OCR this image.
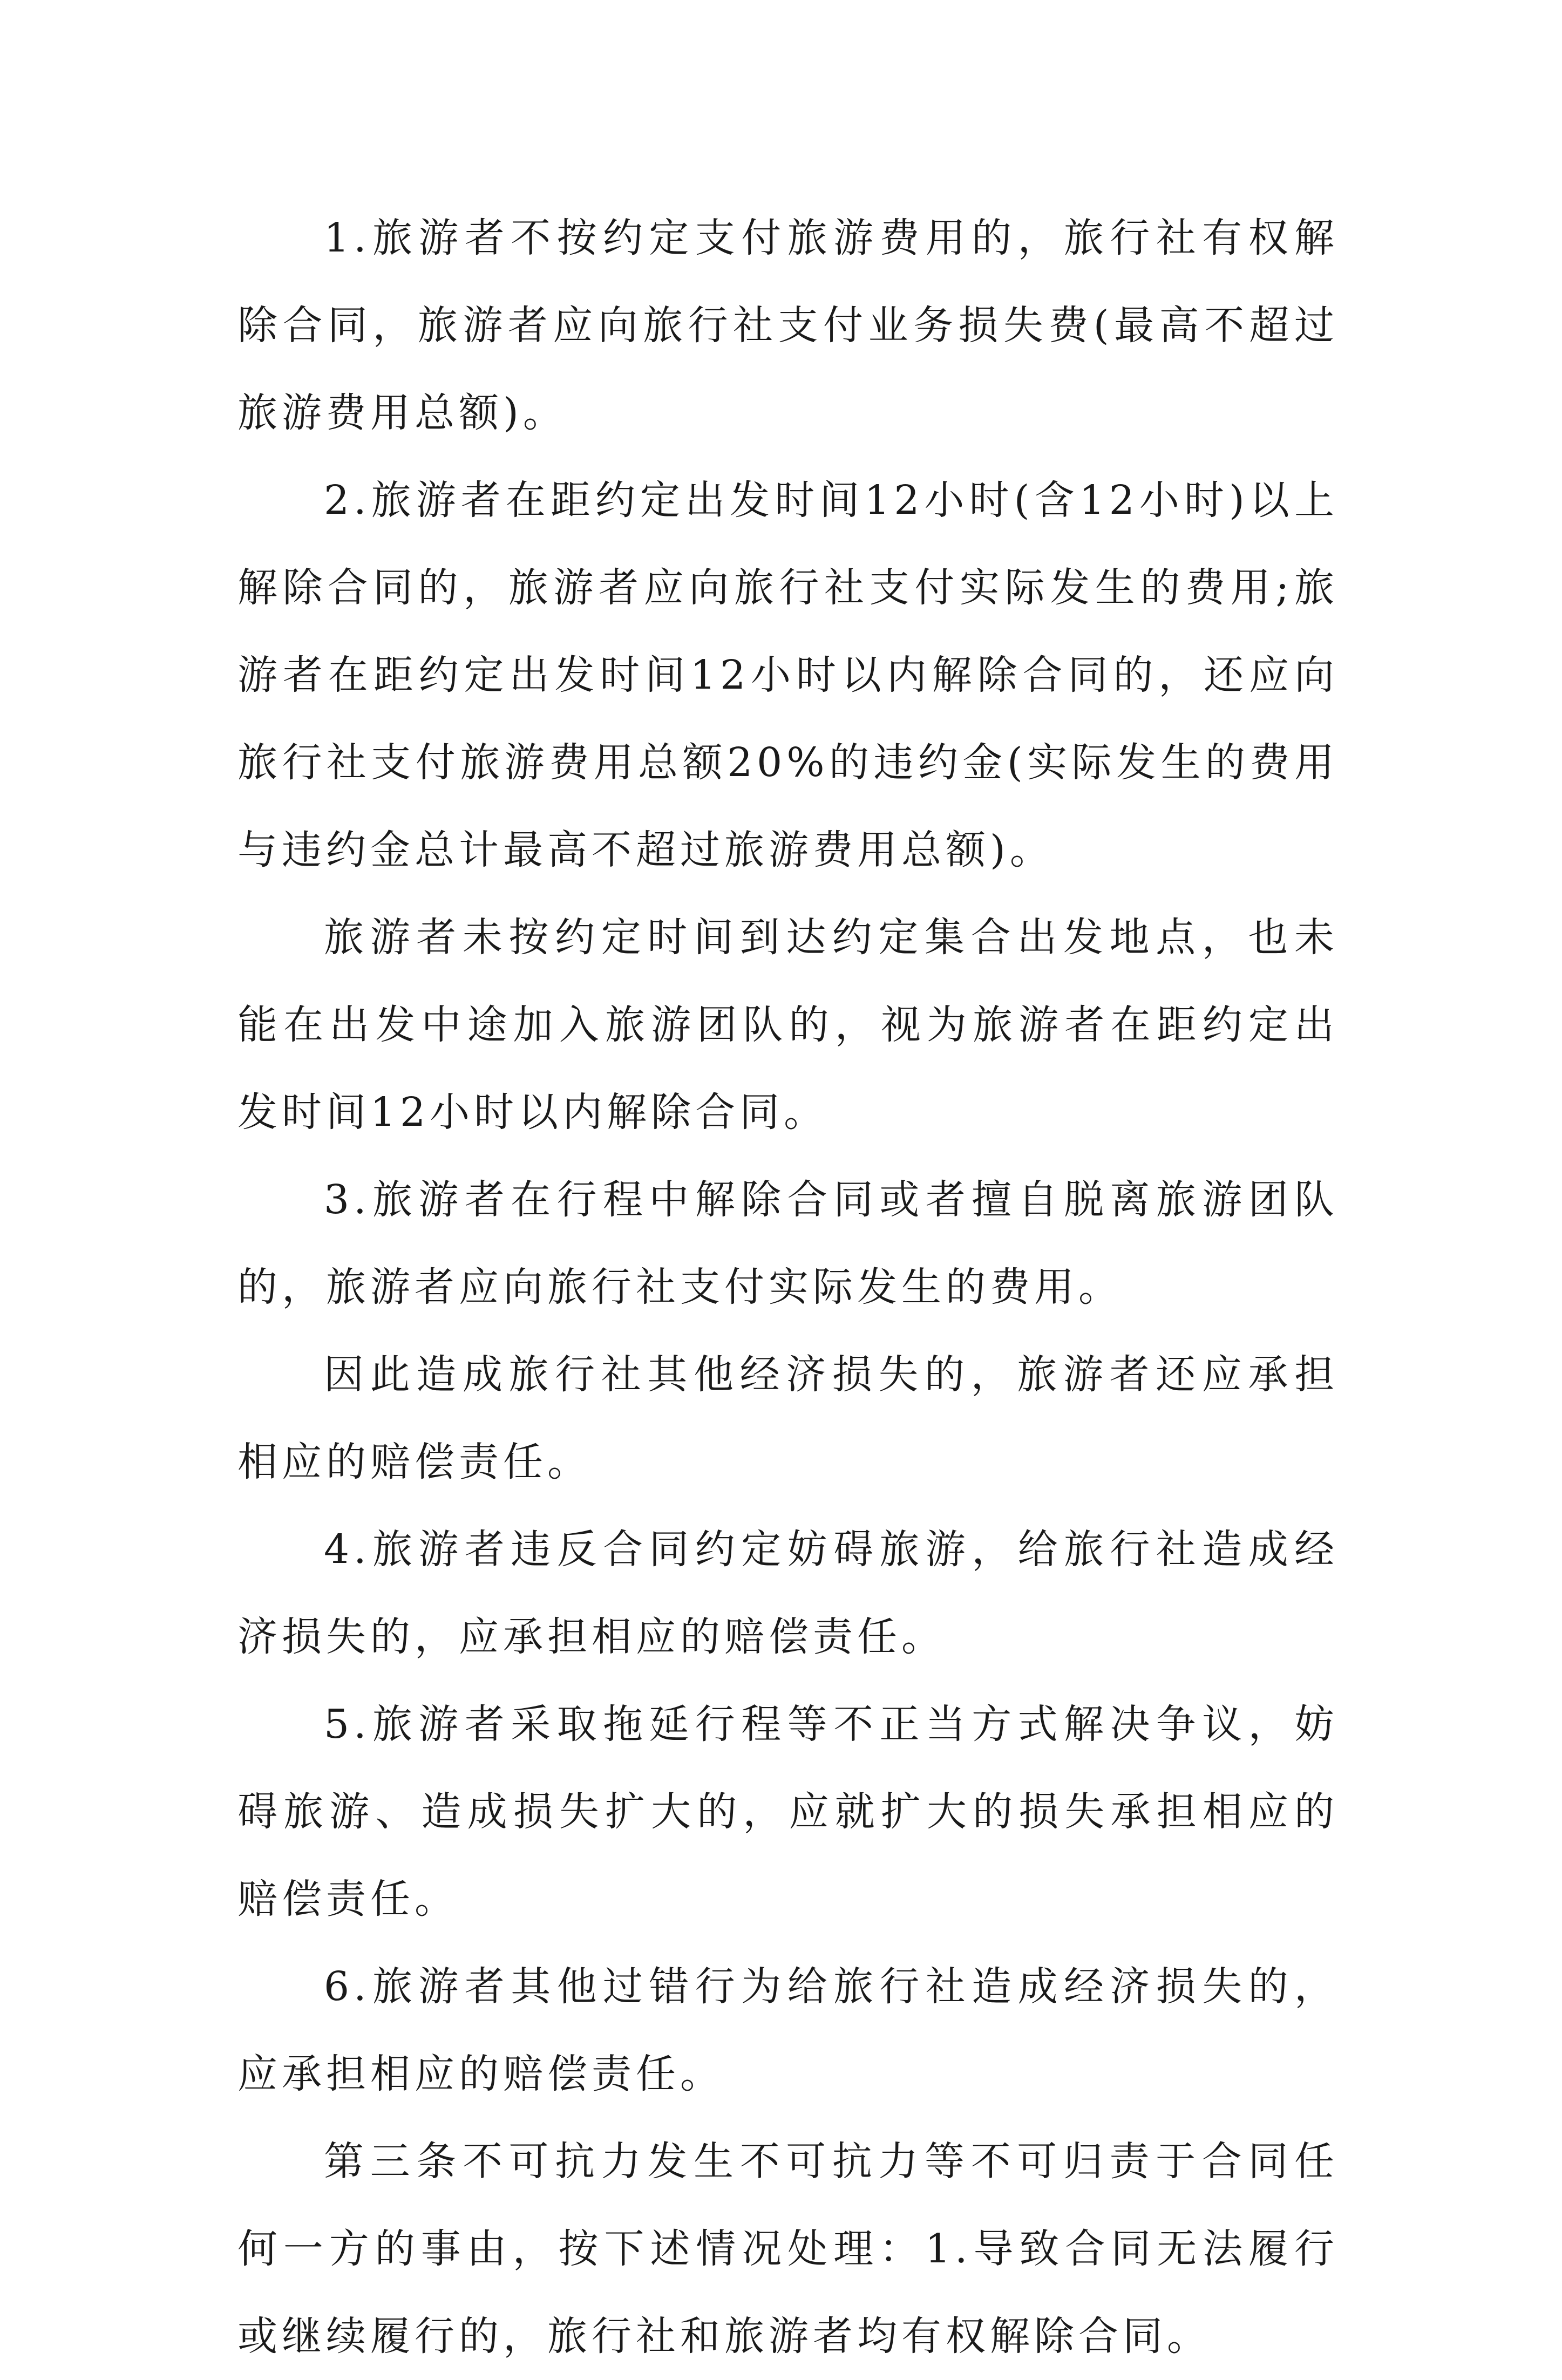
1.旅游者不按约定支付旅游费用的，旅行社有权解除合同，旅游者应向旅行社支付业务损失费(最高不超过旅游费用总额)。

2.旅游者在距约定出发时间12小时(含12小时)以上解除合同的，旅游者应向旅行社支付实际发生的费用;旅游者在距约定出发时间12小时以内解除合同的，还应向旅行社支付旅游费用总额20%的违约金(实际发生的费用与违约金总计最高不超过旅游费用总额)。

旅游者未按约定时间到达约定集合出发地点，也未能在出发中途加入旅游团队的，视为旅游者在距约定出发时间12小时以内解除合同。

3.旅游者在行程中解除合同或者擅自脱离旅游团队的，旅游者应向旅行社支付实际发生的费用。

因此造成旅行社其他经济损失的，旅游者还应承担相应的赔偿责任。

4.旅游者违反合同约定妨碍旅游，给旅行社造成经济损失的，应承担相应的赔偿责任。

5.旅游者采取拖延行程等不正当方式解决争议，妨碍旅游、造成损失扩大的，应就扩大的损失承担相应的赔偿责任。

6.旅游者其他过错行为给旅行社造成经济损失的，应承担相应的赔偿责任。

第三条不可抗力发生不可抗力等不可归责于合同任何一方的事由，按下述情况处理：1.导致合同无法履行或继续履行的，旅行社和旅游者均有权解除合同。
